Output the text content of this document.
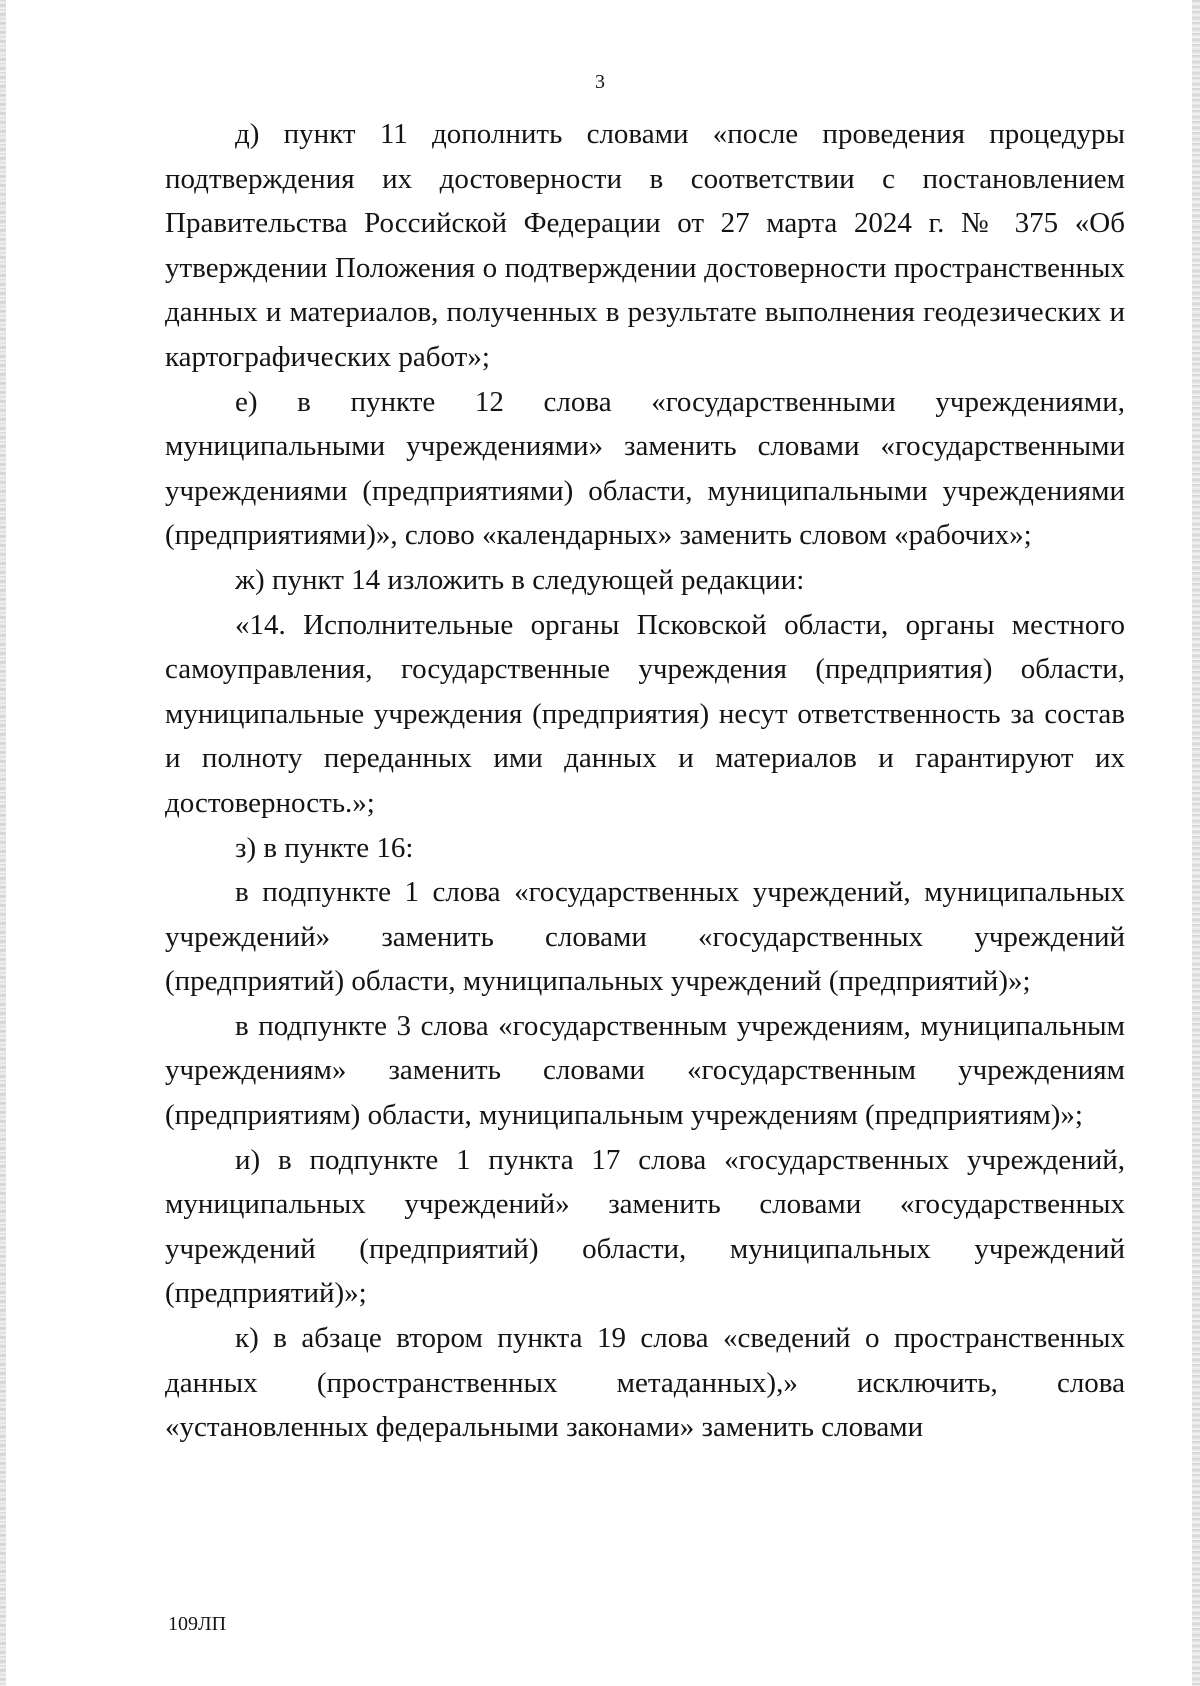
3

д) пункт 11 дополнить словами «после проведения процедуры подтверждения их достоверности в соответствии с постановлением Правительства Российской Федерации от 27 марта 2024 г. № 375 «Об утверждении Положения о подтверждении достоверности пространственных данных и материалов, полученных в результате выполнения геодезических и картографических работ»;

е) в пункте 12 слова «государственными учреждениями, муниципальными учреждениями» заменить словами «государственными учреждениями (предприятиями) области, муниципальными учреждениями (предприятиями)», слово «календарных» заменить словом «рабочих»;

ж) пункт 14 изложить в следующей редакции:

«14. Исполнительные органы Псковской области, органы местного самоуправления, государственные учреждения (предприятия) области, муниципальные учреждения (предприятия) несут ответственность за состав и полноту переданных ими данных и материалов и гарантируют их достоверность.»;

з) в пункте 16:

в подпункте 1 слова «государственных учреждений, муниципальных учреждений» заменить словами «государственных учреждений (предприятий) области, муниципальных учреждений (предприятий)»;

в подпункте 3 слова «государственным учреждениям, муниципальным учреждениям» заменить словами «государственным учреждениям (предприятиям) области, муниципальным учреждениям (предприятиям)»;

и) в подпункте 1 пункта 17 слова «государственных учреждений, муниципальных учреждений» заменить словами «государственных учреждений (предприятий) области, муниципальных учреждений (предприятий)»;

к) в абзаце втором пункта 19 слова «сведений о пространственных данных (пространственных метаданных),» исключить, слова «установленных федеральными законами» заменить словами

109ЛП
